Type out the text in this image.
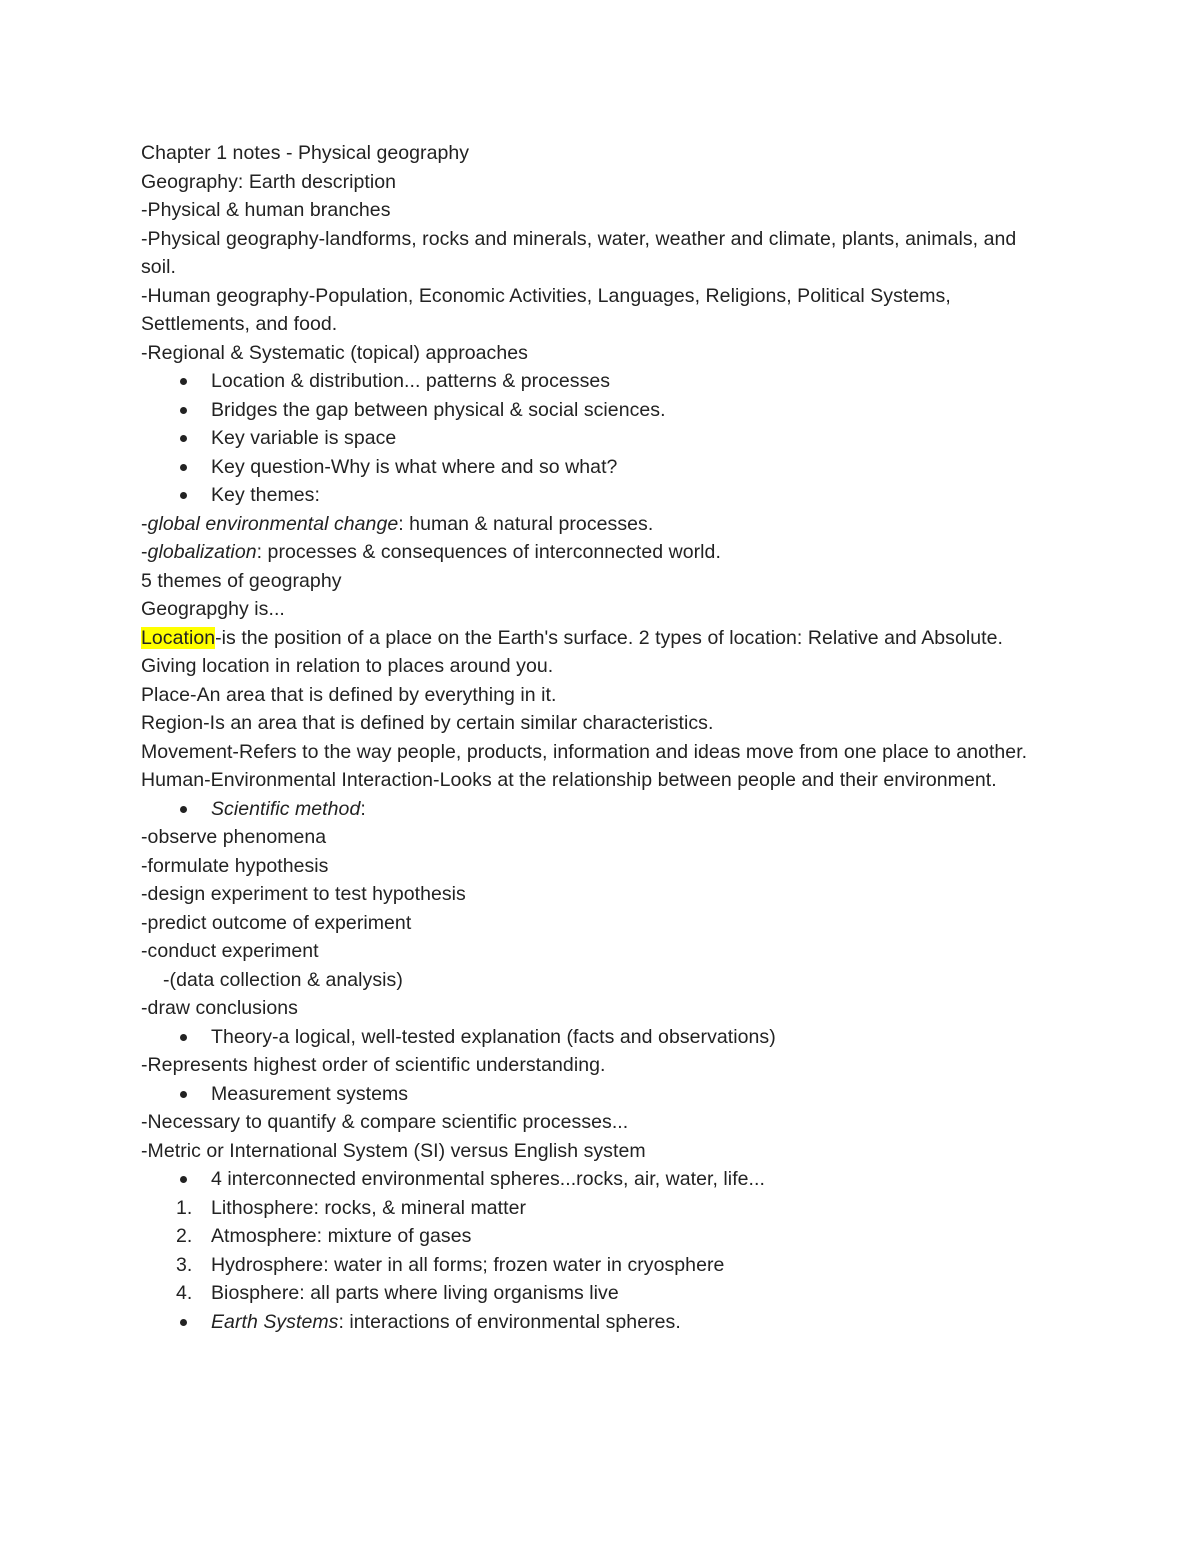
Chapter 1 notes - Physical geography

Geography: Earth description

-Physical & human branches

-Physical geography-landforms, rocks and minerals, water, weather and climate, plants, animals, and soil.

-Human geography-Population, Economic Activities, Languages, Religions, Political Systems, Settlements, and food.

-Regional & Systematic (topical) approaches

Location & distribution... patterns & processes

Bridges the gap between physical & social sciences.

Key variable is space

Key question-Why is what where and so what?

Key themes:

-global environmental change: human & natural processes.

-globalization: processes & consequences of interconnected world.

5 themes of geography

Geograpghy is...

Location-is the position of a place on the Earth's surface. 2 types of location: Relative and Absolute. Giving location in relation to places around you.

Place-An area that is defined by everything in it.

Region-Is an area that is defined by certain similar characteristics.

Movement-Refers to the way people, products, information and ideas move from one place to another.

Human-Environmental Interaction-Looks at the relationship between people and their environment.

Scientific method:

-observe phenomena

-formulate hypothesis

-design experiment to test hypothesis

-predict outcome of experiment

-conduct experiment

-(data collection & analysis)

-draw conclusions

Theory-a logical, well-tested explanation (facts and observations)

-Represents highest order of scientific understanding.

Measurement systems

-Necessary to quantify & compare scientific processes...

-Metric or International System (SI) versus English system

4 interconnected environmental spheres...rocks, air, water, life...

1. Lithosphere: rocks, & mineral matter

2. Atmosphere: mixture of gases

3. Hydrosphere: water in all forms; frozen water in cryosphere

4. Biosphere: all parts where living organisms live

Earth Systems: interactions of environmental spheres.
